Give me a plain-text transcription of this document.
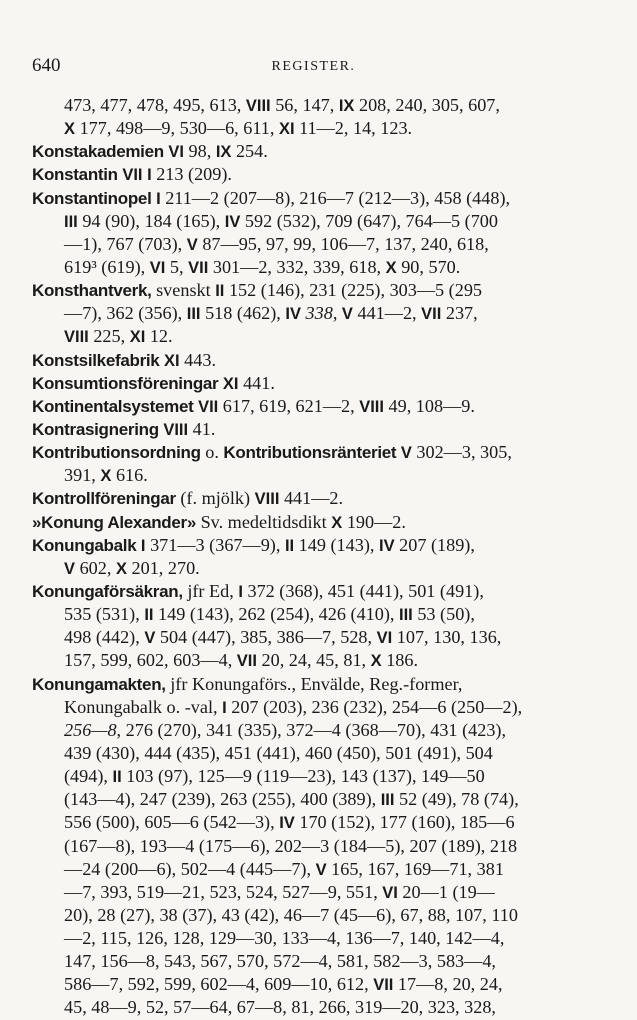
640	REGISTER.
473, 477, 478, 495, 613, VIII 56, 147, IX 208, 240, 305, 607,
X 177, 498—9, 530—6, 611, XI 11—2, 14, 123.
Konstakademien VI 98, IX 254.
Konstantin VII I 213 (209).
Konstantinopel I 211—2 (207—8), 216—7 (212—3), 458 (448),
III 94 (90), 184 (165), IV 592 (532), 709 (647), 764—5 (700
—1), 767 (703), V 87—95, 97, 99, 106—7, 137, 240, 618,
619³ (619), VI 5, VII 301—2, 332, 339, 618, X 90, 570.
Konsthantverk, svenskt II 152 (146), 231 (225), 303—5 (295
—7), 362 (356), III 518 (462), IV 338, V 441—2, VII 237,
VIII 225, XI 12.
Konstsilkefabrik XI 443.
Konsumtionsföreningar XI 441.
Kontinentalsystemet VII 617, 619, 621—2, VIII 49, 108—9.
Kontrasignering VIII 41.
Kontributionsordning o. Kontributionsränteriet V 302—3, 305,
391, X 616.
Kontrollföreningar (f. mjölk) VIII 441—2.
»Konung Alexander» Sv. medeltidsdikt X 190—2.
Konungabalk I 371—3 (367—9), II 149 (143), IV 207 (189),
V 602, X 201, 270.
Konungaförsäkran, jfr Ed, I 372 (368), 451 (441), 501 (491),
535 (531), II 149 (143), 262 (254), 426 (410), III 53 (50),
498 (442), V 504 (447), 385, 386—7, 528, VI 107, 130, 136,
157, 599, 602, 603—4, VII 20, 24, 45, 81, X 186.
Konungamakten, jfr Konungaförs., Envälde, Reg.-former,
Konungabalk o. -val, I 207 (203), 236 (232), 254—6 (250—2),
256—8, 276 (270), 341 (335), 372—4 (368—70), 431 (423),
439 (430), 444 (435), 451 (441), 460 (450), 501 (491), 504
(494), II 103 (97), 125—9 (119—23), 143 (137), 149—50
(143—4), 247 (239), 263 (255), 400 (389), III 52 (49), 78 (74),
556 (500), 605—6 (542—3), IV 170 (152), 177 (160), 185—6
(167—8), 193—4 (175—6), 202—3 (184—5), 207 (189), 218
—24 (200—6), 502—4 (445—7), V 165, 167, 169—71, 381
—7, 393, 519—21, 523, 524, 527—9, 551, VI 20—1 (19—
20), 28 (27), 38 (37), 43 (42), 46—7 (45—6), 67, 88, 107, 110
—2, 115, 126, 128, 129—30, 133—4, 136—7, 140, 142—4,
147, 156—8, 543, 567, 570, 572—4, 581, 582—3, 583—4,
586—7, 592, 599, 602—4, 609—10, 612, VII 17—8, 20, 24,
45, 48—9, 52, 57—64, 67—8, 81, 266, 319—20, 323, 328,
